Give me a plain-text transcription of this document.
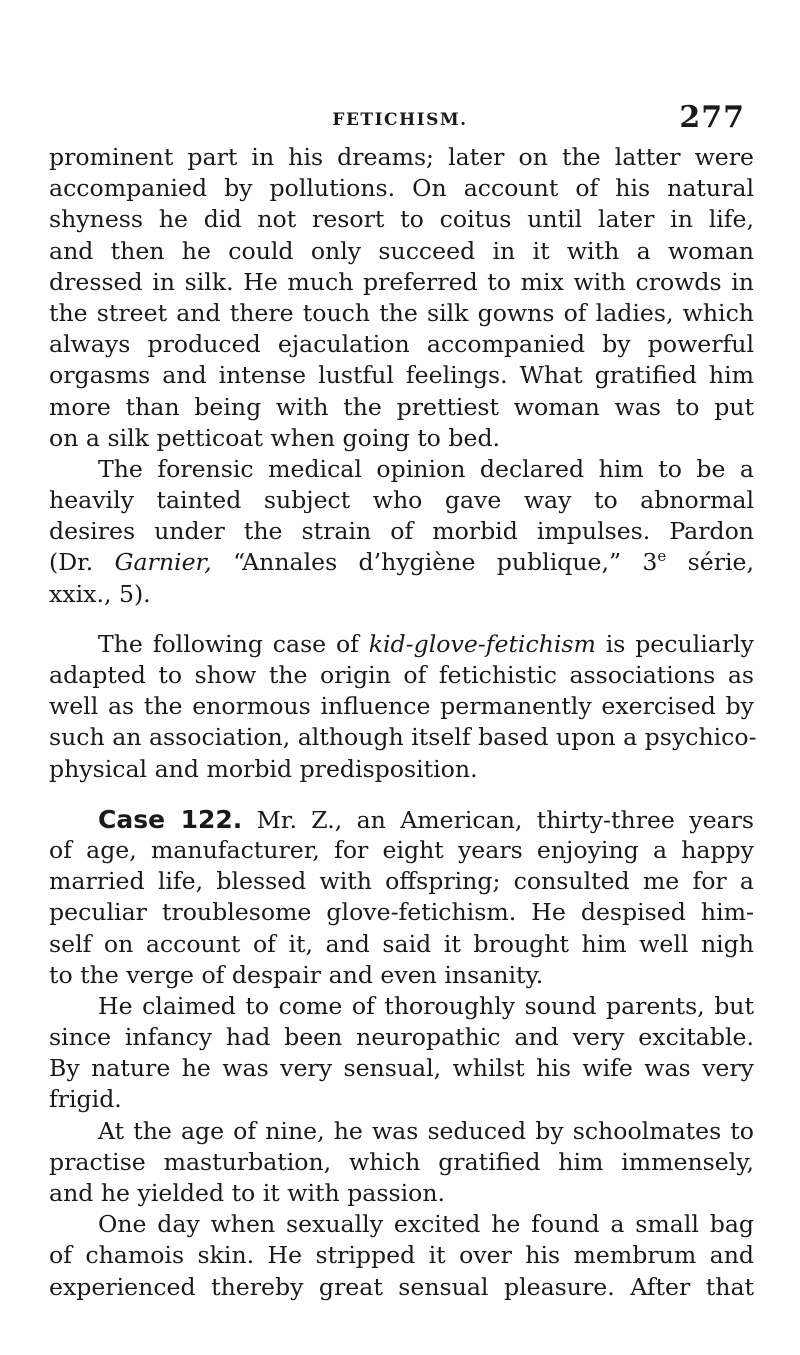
FETICHISM.	277
prominent part in his dreams; later on the latter were
accompanied by pollutions. On account of his natural
shyness he did not resort to coitus until later in life,
and then he could only succeed in it with a woman
dressed in silk. He much preferred to mix with crowds in
the street and there touch the silk gowns of ladies, which
always produced ejaculation accompanied by powerful
orgasms and intense lustful feelings. What gratified him
more than being with the prettiest woman was to put
on a silk petticoat when going to bed.
The forensic medical opinion declared him to be a
heavily tainted subject who gave way to abnormal
desires under the strain of morbid impulses. Pardon
(Dr. Garnier, “Annales d’hygiène publique,” 3e série,
xxix., 5).
The following case of kid-glove-fetichism is peculiarly
adapted to show the origin of fetichistic associations as
well as the enormous influence permanently exercised by
such an association, although itself based upon a psychico-
physical and morbid predisposition.
Case 122. Mr. Z., an American, thirty-three years
of age, manufacturer, for eight years enjoying a happy
married life, blessed with offspring; consulted me for a
peculiar troublesome glove-fetichism. He despised him-
self on account of it, and said it brought him well nigh
to the verge of despair and even insanity.
He claimed to come of thoroughly sound parents, but
since infancy had been neuropathic and very excitable.
By nature he was very sensual, whilst his wife was very
frigid.
At the age of nine, he was seduced by schoolmates to
practise masturbation, which gratified him immensely,
and he yielded to it with passion.
One day when sexually excited he found a small bag
of chamois skin. He stripped it over his membrum and
experienced thereby great sensual pleasure. After that
